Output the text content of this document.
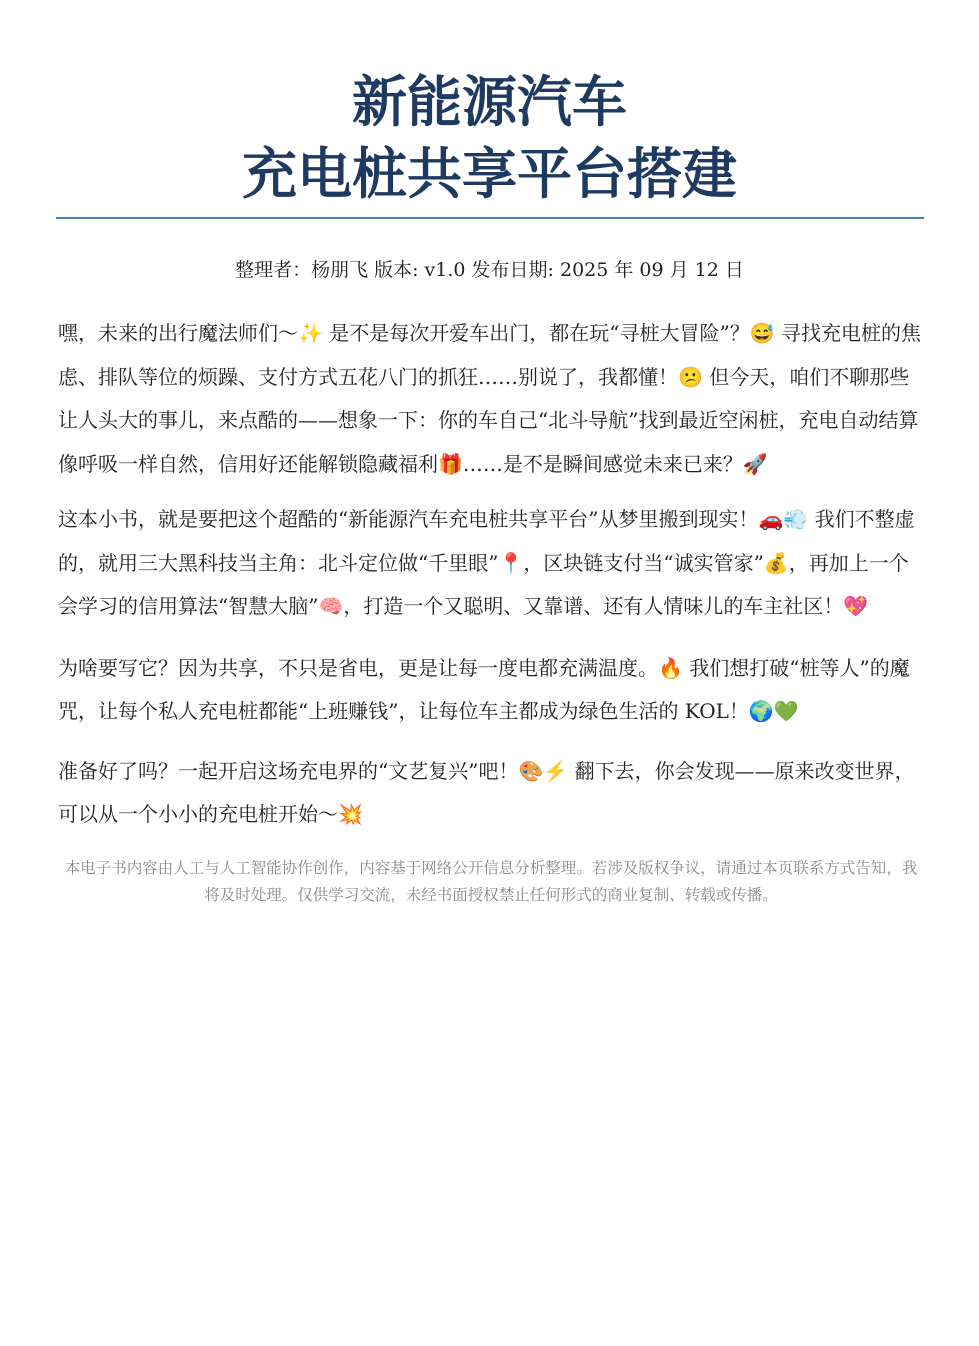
新能源汽车
充电桩共享平台搭建
整理者：杨朋飞 版本: v1.0 发布日期: 2025 年 09 月 12 日

嘿，未来的出行魔法师们～✨ 是不是每次开爱车出门，都在玩“寻桩大冒险”？😅 寻找充电桩的焦虑、排队等位的烦躁、支付方式五花八门的抓狂……别说了，我都懂！😕 但今天，咱们不聊那些让人头大的事儿，来点酷的——想象一下：你的车自己“北斗导航”找到最近空闲桩，充电自动结算像呼吸一样自然，信用好还能解锁隐藏福利🎁……是不是瞬间感觉未来已来？🚀

这本小书，就是要把这个超酷的“新能源汽车充电桩共享平台”从梦里搬到现实！🚗💨 我们不整虚的，就用三大黑科技当主角：北斗定位做“千里眼”📍，区块链支付当“诚实管家”💰，再加上一个会学习的信用算法“智慧大脑”🧠，打造一个又聪明、又靠谱、还有人情味儿的车主社区！💖

为啥要写它？因为共享，不只是省电，更是让每一度电都充满温度。🔥 我们想打破“桩等人”的魔咒，让每个私人充电桩都能“上班赚钱”，让每位车主都成为绿色生活的 KOL！🌍💚

准备好了吗？一起开启这场充电界的“文艺复兴”吧！🎨⚡ 翻下去，你会发现——原来改变世界，可以从一个小小的充电桩开始～💥

本电子书内容由人工与人工智能协作创作，内容基于网络公开信息分析整理。若涉及版权争议，请通过本页联系方式告知，我将及时处理。仅供学习交流，未经书面授权禁止任何形式的商业复制、转载或传播。
